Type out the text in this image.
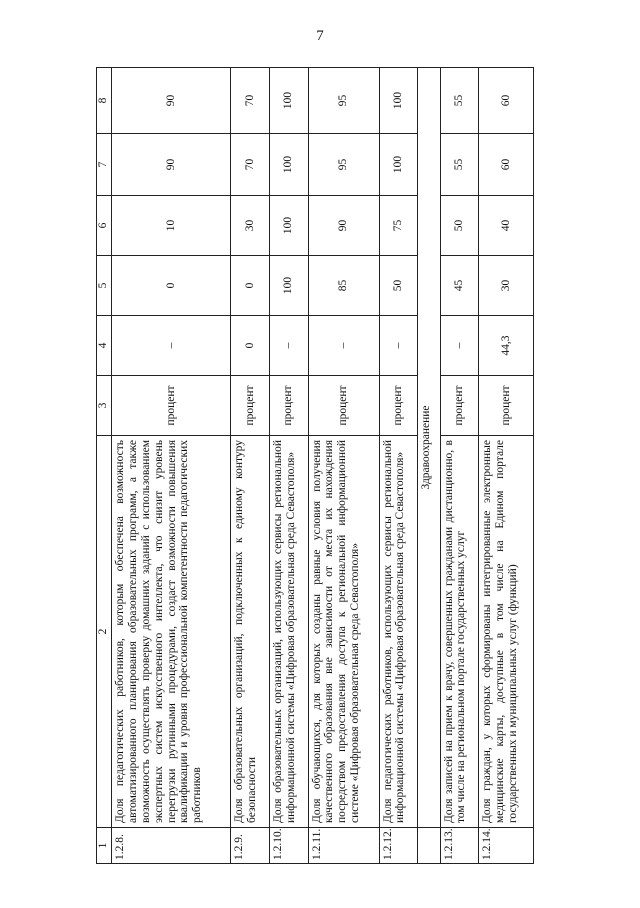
7
1	2	3	4	5	6	7	8
1.2.8.	Доля педагогических работников, которым обеспечена возможность автоматизированного планирования образовательных программ, а также возможность осуществлять проверку домашних заданий с использованием экспертных систем искусственного интеллекта, что снизит уровень перегрузки рутинными процедурами, создаст возможности повышения квалификации и уровня профессиональной компетентности педагогических работников	процент	–	0	10	90	90
1.2.9.	Доля образовательных организаций, подключенных к единому контуру безопасности	процент	0	0	30	70	70
1.2.10.	Доля образовательных организаций, использующих сервисы региональной информационной системы «Цифровая образовательная среда Севастополя»	процент	–	100	100	100	100
1.2.11.	Доля обучающихся, для которых созданы равные условия получения качественного образования вне зависимости от места их нахождения посредством предоставления доступа к региональной информационной системе «Цифровая образовательная среда Севастополя»	процент	–	85	90	95	95
1.2.12.	Доля педагогических работников, использующих сервисы региональной информационной системы «Цифровая образовательная среда Севастополя»	процент	–	50	75	100	100
	Здравоохранение						
1.2.13.	Доля записей на прием к врачу, совершенных гражданами дистанционно, в том числе на региональном портале государственных услуг	процент	–	45	50	55	55
1.2.14.	Доля граждан, у которых сформированы интегрированные электронные медицинские карты, доступные в том числе на Едином портале государственных и муниципальных услуг (функций)	процент	44,3	30	40	60	60
